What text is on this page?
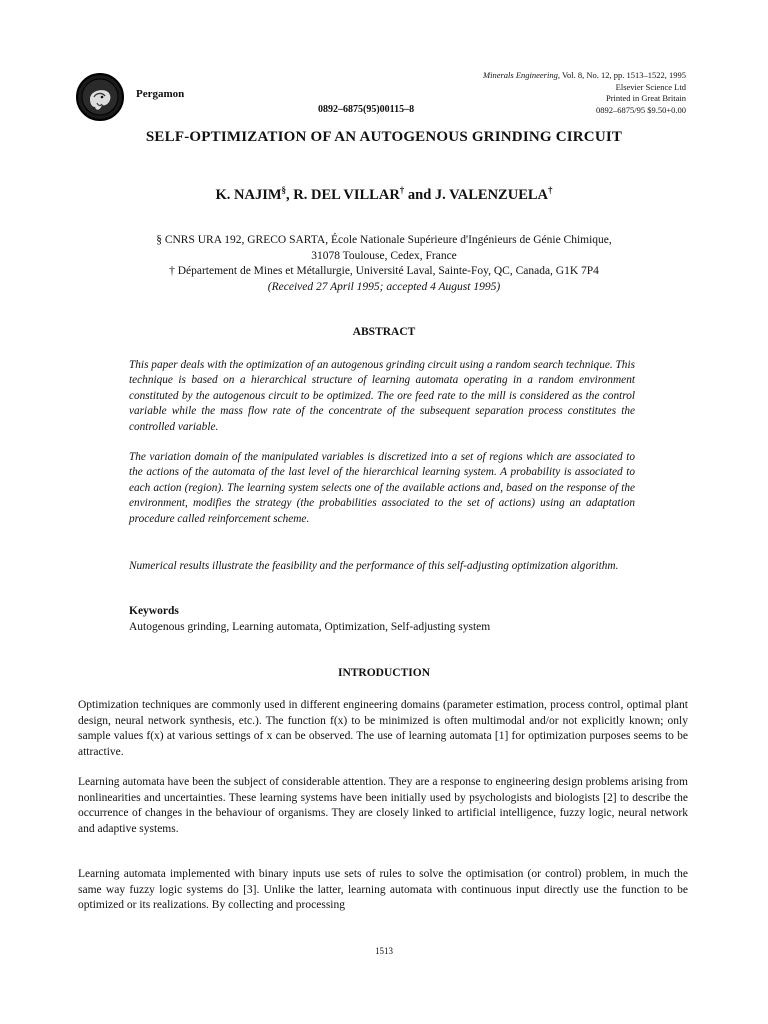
Pergamon
Minerals Engineering, Vol. 8, No. 12, pp. 1513–1522, 1995
Elsevier Science Ltd
Printed in Great Britain
0892–6875/95 $9.50+0.00
0892–6875(95)00115–8
SELF-OPTIMIZATION OF AN AUTOGENOUS GRINDING CIRCUIT
K. NAJIM§, R. DEL VILLAR† and J. VALENZUELA†
§ CNRS URA 192, GRECO SARTA, École Nationale Supérieure d'Ingénieurs de Génie Chimique,
31078 Toulouse, Cedex, France
† Département de Mines et Métallurgie, Université Laval, Sainte-Foy, QC, Canada, G1K 7P4
(Received 27 April 1995; accepted 4 August 1995)
ABSTRACT

This paper deals with the optimization of an autogenous grinding circuit using a random search technique. This technique is based on a hierarchical structure of learning automata operating in a random environment constituted by the autogenous circuit to be optimized. The ore feed rate to the mill is considered as the control variable while the mass flow rate of the concentrate of the subsequent separation process constitutes the controlled variable.

The variation domain of the manipulated variables is discretized into a set of regions which are associated to the actions of the automata of the last level of the hierarchical learning system. A probability is associated to each action (region). The learning system selects one of the available actions and, based on the response of the environment, modifies the strategy (the probabilities associated to the set of actions) using an adaptation procedure called reinforcement scheme.

Numerical results illustrate the feasibility and the performance of this self-adjusting optimization algorithm.

Keywords
Autogenous grinding, Learning automata, Optimization, Self-adjusting system
INTRODUCTION

Optimization techniques are commonly used in different engineering domains (parameter estimation, process control, optimal plant design, neural network synthesis, etc.). The function f(x) to be minimized is often multimodal and/or not explicitly known; only sample values f(x) at various settings of x can be observed. The use of learning automata [1] for optimization purposes seems to be attractive.

Learning automata have been the subject of considerable attention. They are a response to engineering design problems arising from nonlinearities and uncertainties. These learning systems have been initially used by psychologists and biologists [2] to describe the occurrence of changes in the behaviour of organisms. They are closely linked to artificial intelligence, fuzzy logic, neural network and adaptive systems.

Learning automata implemented with binary inputs use sets of rules to solve the optimisation (or control) problem, in much the same way fuzzy logic systems do [3]. Unlike the latter, learning automata with continuous input directly use the function to be optimized or its realizations. By collecting and processing

1513
